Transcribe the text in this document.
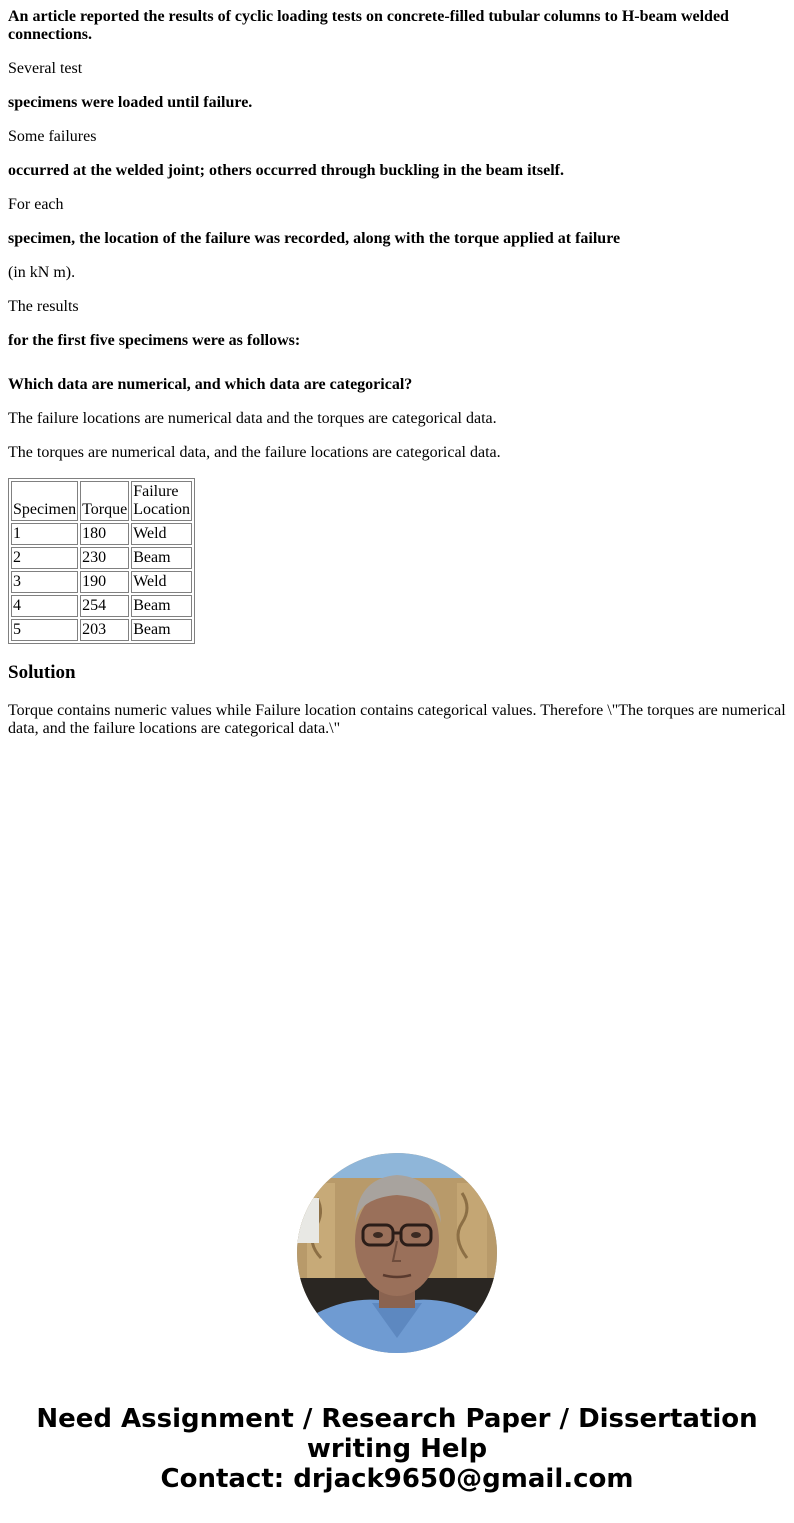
An article reported the results of cyclic loading tests on concrete-filled tubular columns to H-beam welded connections.

Several test

specimens were loaded until failure.

Some failures

occurred at the welded joint; others occurred through buckling in the beam itself.

For each

specimen, the location of the failure was recorded, along with the torque applied at failure

(in kN m).

The results

for the first five specimens were as follows:

Which data are numerical, and which data are categorical?

The failure locations are numerical data and the torques are categorical data.

The torques are numerical data, and the failure locations are categorical data.

Specimen	Torque	Failure
Location
1	180	Weld
2	230	Beam
3	190	Weld
4	254	Beam
5	203	Beam
Solution

Torque contains numeric values while Failure location contains categorical values. Therefore \"The torques are numerical data, and the failure locations are categorical data.\"

Need Assignment / Research Paper / Dissertation
writing Help
Contact: drjack9650@gmail.com
